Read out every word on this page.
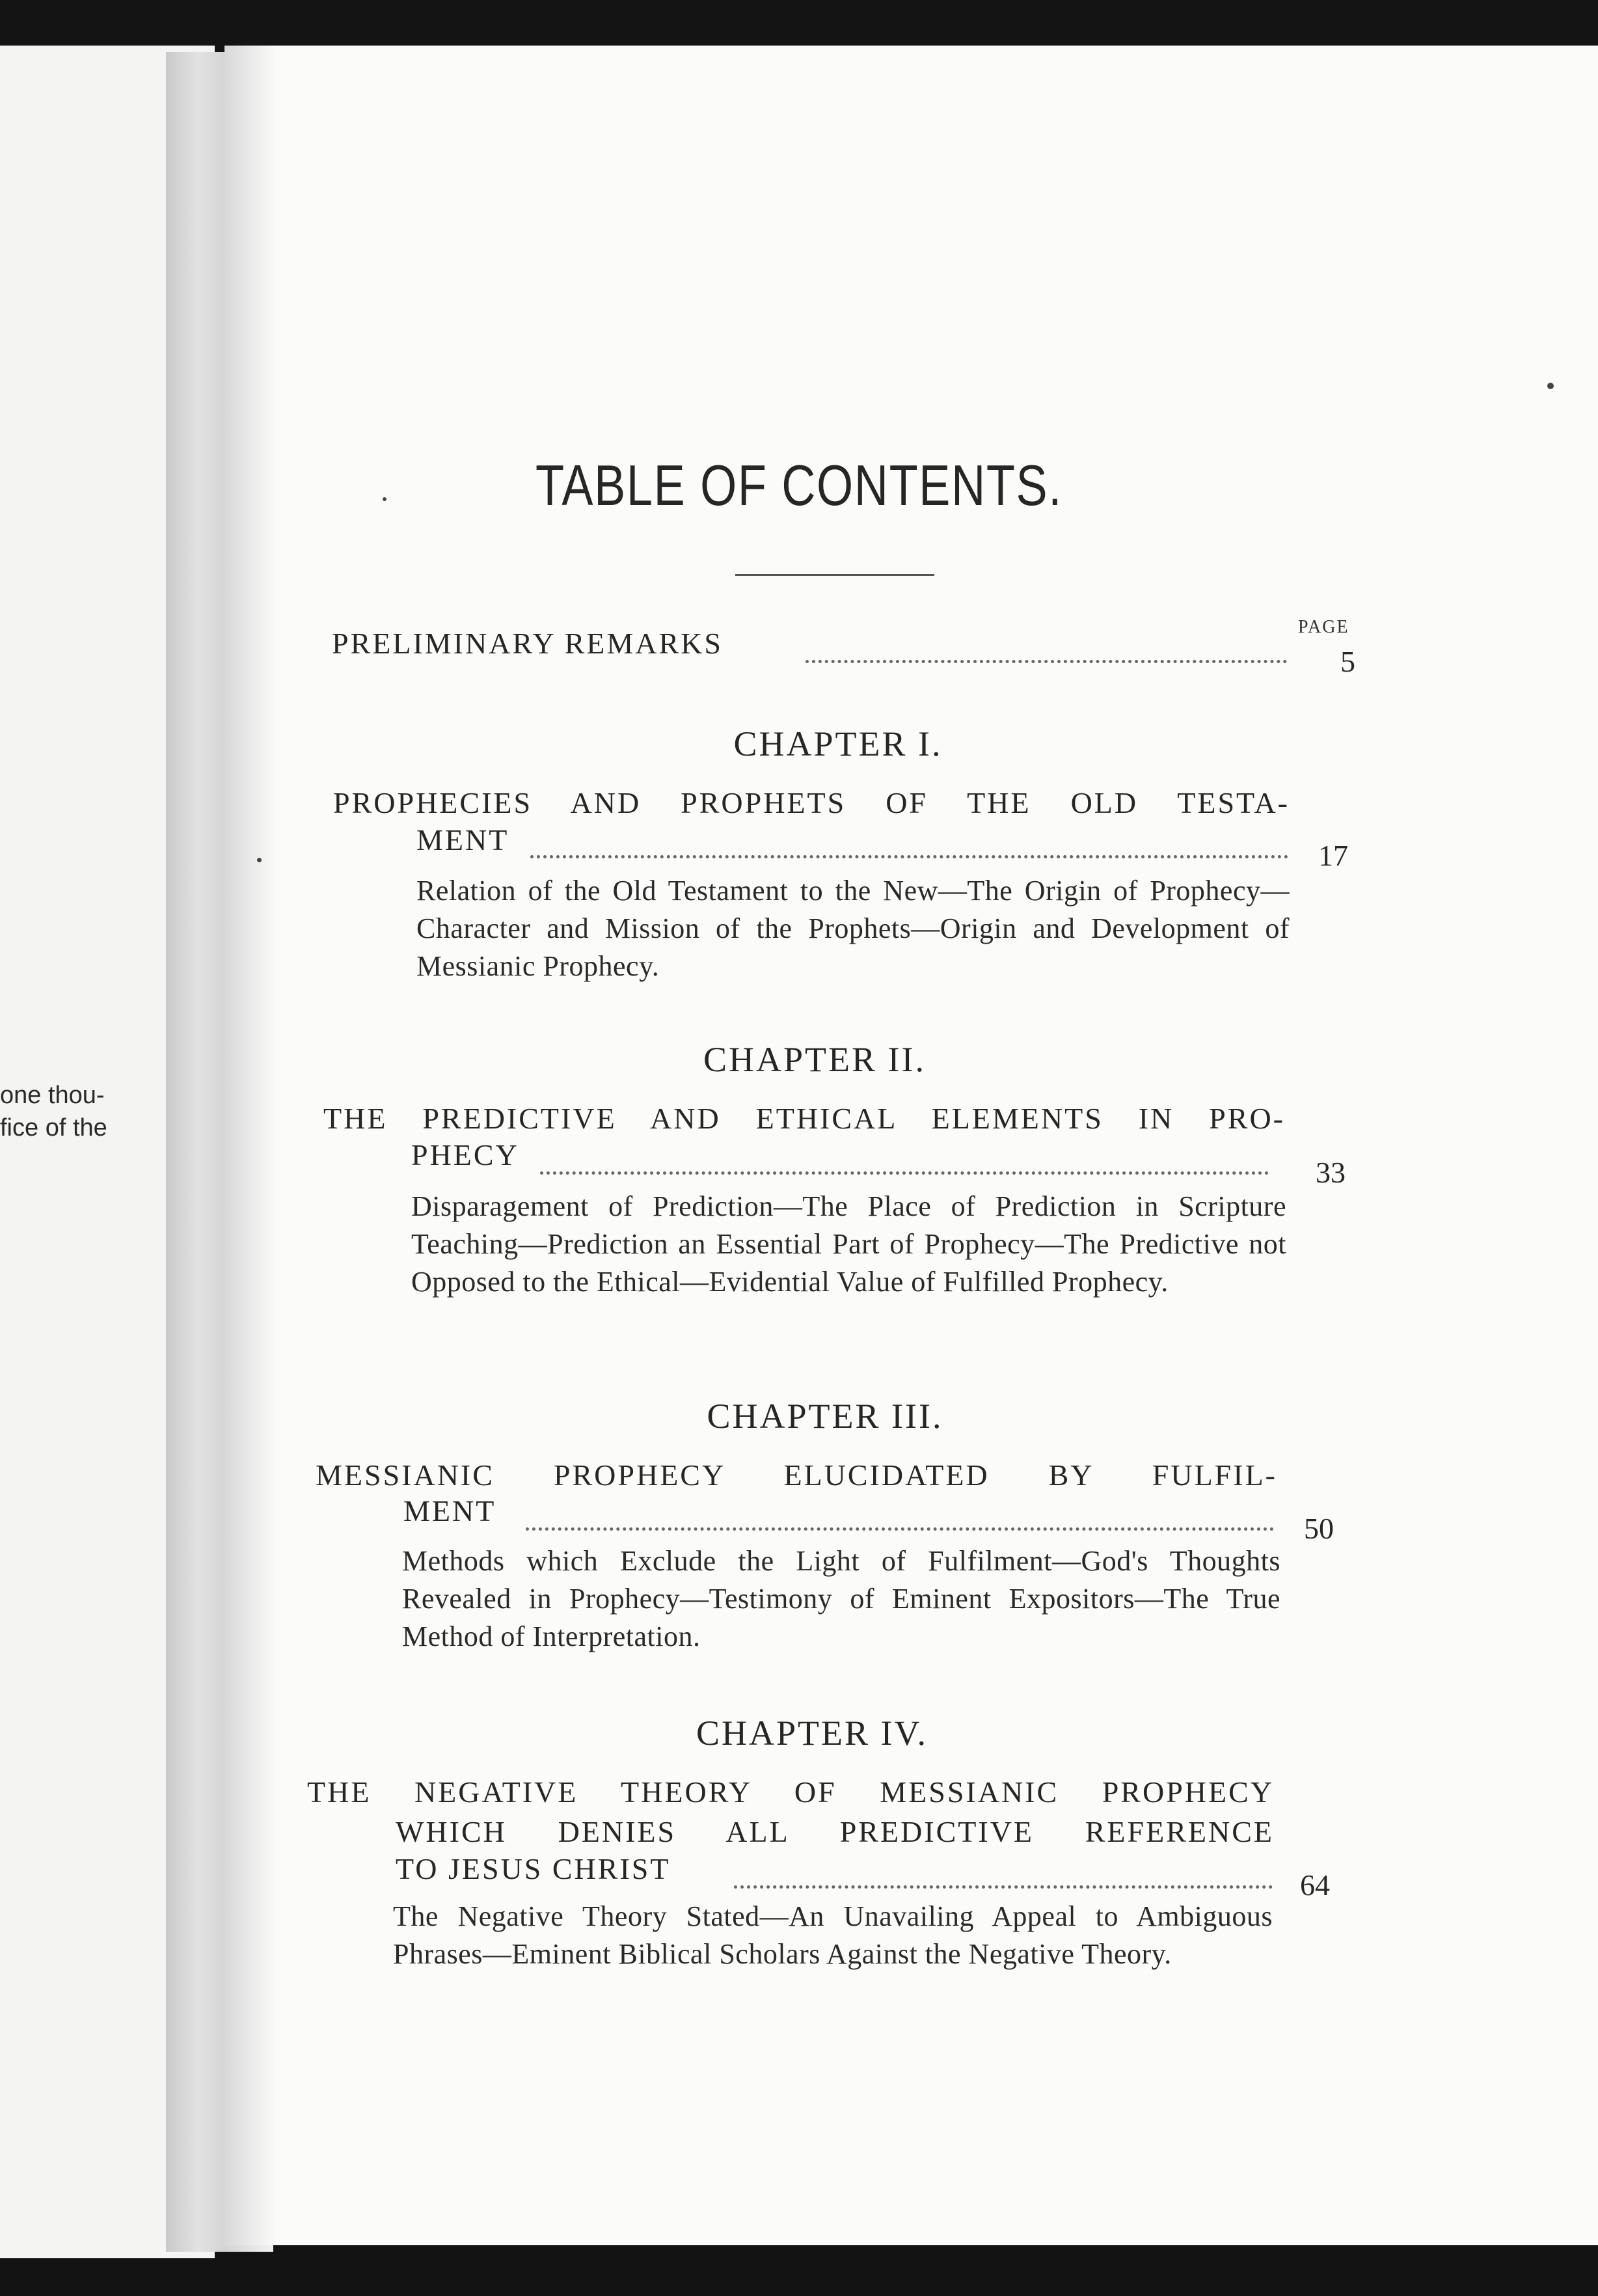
one thou-
fice of the
TABLE OF CONTENTS.
PAGE
PRELIMINARY REMARKS
5
CHAPTER I.
PROPHECIES AND PROPHETS OF THE OLD TESTA-
MENT	17
Relation of the Old Testament to the New—The Origin of Prophecy—Character and Mission of the Prophets—Origin and Development of Messianic Prophecy.
CHAPTER II.
THE PREDICTIVE AND ETHICAL ELEMENTS IN PRO-
PHECY
33
Disparagement of Prediction—The Place of Prediction in Scripture Teaching—Prediction an Essential Part of Prophecy—The Predictive not Opposed to the Ethical—Evidential Value of Fulfilled Prophecy.
CHAPTER III.
MESSIANIC PROPHECY ELUCIDATED BY FULFIL-
MENT
50
Methods which Exclude the Light of Fulfilment—God's Thoughts Revealed in Prophecy—Testimony of Eminent Expositors—The True Method of Interpretation.
CHAPTER IV.
THE NEGATIVE THEORY OF MESSIANIC PROPHECY
WHICH DENIES ALL PREDICTIVE REFERENCE
TO JESUS CHRIST	64
The Negative Theory Stated—An Unavailing Appeal to Ambiguous Phrases—Eminent Biblical Scholars Against the Negative Theory.
